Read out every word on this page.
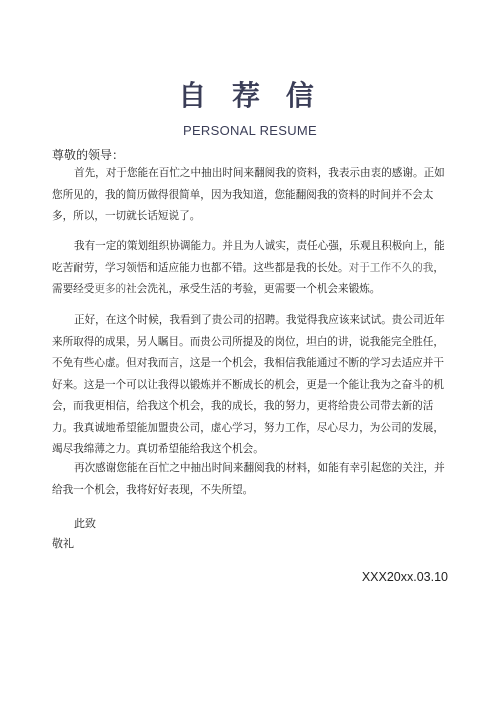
自 荐 信
PERSONAL RESUME
尊敬的领导：

首先，对于您能在百忙之中抽出时间来翻阅我的资料，我表示由衷的感谢。正如您所见的，我的简历做得很简单，因为我知道，您能翻阅我的资料的时间并不会太多，所以，一切就长话短说了。

我有一定的策划组织协调能力。并且为人诚实，责任心强，乐观且积极向上，能吃苦耐劳，学习领悟和适应能力也都不错。这些都是我的长处。对于工作不久的我，需要经受更多的社会洗礼，承受生活的考验，更需要一个机会来锻炼。

正好，在这个时候，我看到了贵公司的招聘。我觉得我应该来试试。贵公司近年来所取得的成果，另人瞩目。而贵公司所提及的岗位，坦白的讲，说我能完全胜任，不免有些心虚。但对我而言，这是一个机会，我相信我能通过不断的学习去适应并干好来。这是一个可以让我得以锻炼并不断成长的机会，更是一个能让我为之奋斗的机会，而我更相信，给我这个机会，我的成长，我的努力，更将给贵公司带去新的活力。我真诚地希望能加盟贵公司，虚心学习，努力工作，尽心尽力，为公司的发展，竭尽我绵薄之力。真切希望能给我这个机会。

再次感谢您能在百忙之中抽出时间来翻阅我的材料，如能有幸引起您的关注，并给我一个机会，我将好好表现，不失所望。

此致
敬礼
XXX20xx.03.10
